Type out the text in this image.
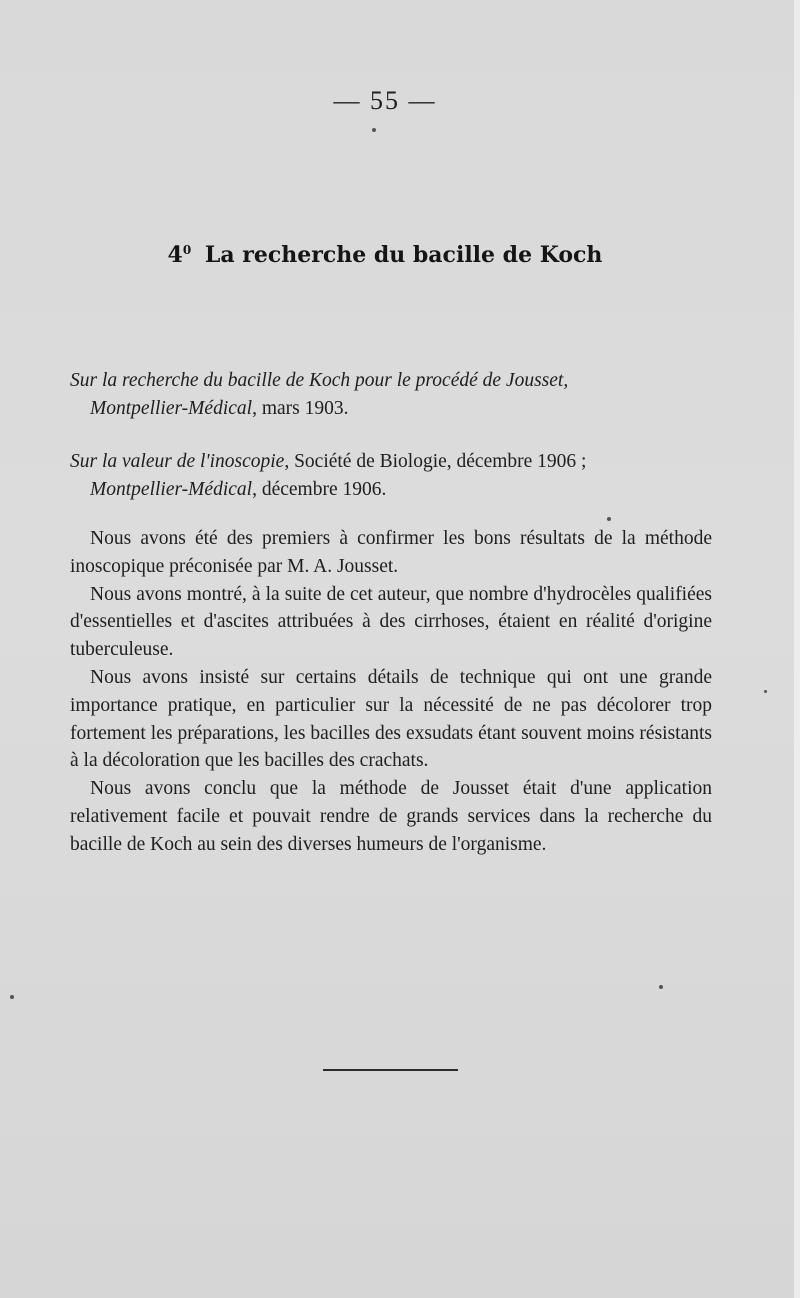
— 55 —
$4^0$ La recherche du bacille de Koch
Sur la recherche du bacille de Koch pour le procédé de Jousset,
Montpellier-Médical, mars 1903.
Sur la valeur de l'inoscopie, Société de Biologie, décembre 1906 ;
Montpellier-Médical, décembre 1906.

Nous avons été des premiers à confirmer les bons résultats de la méthode inoscopique préconisée par M. A. Jousset.

Nous avons montré, à la suite de cet auteur, que nombre d'hydrocèles qualifiées d'essentielles et d'ascites attribuées à des cirrhoses, étaient en réalité d'origine tuberculeuse.

Nous avons insisté sur certains détails de technique qui ont une grande importance pratique, en particulier sur la nécessité de ne pas décolorer trop fortement les préparations, les bacilles des exsudats étant souvent moins résistants à la décoloration que les bacilles des crachats.

Nous avons conclu que la méthode de Jousset était d'une application relativement facile et pouvait rendre de grands services dans la recherche du bacille de Koch au sein des diverses humeurs de l'organisme.
